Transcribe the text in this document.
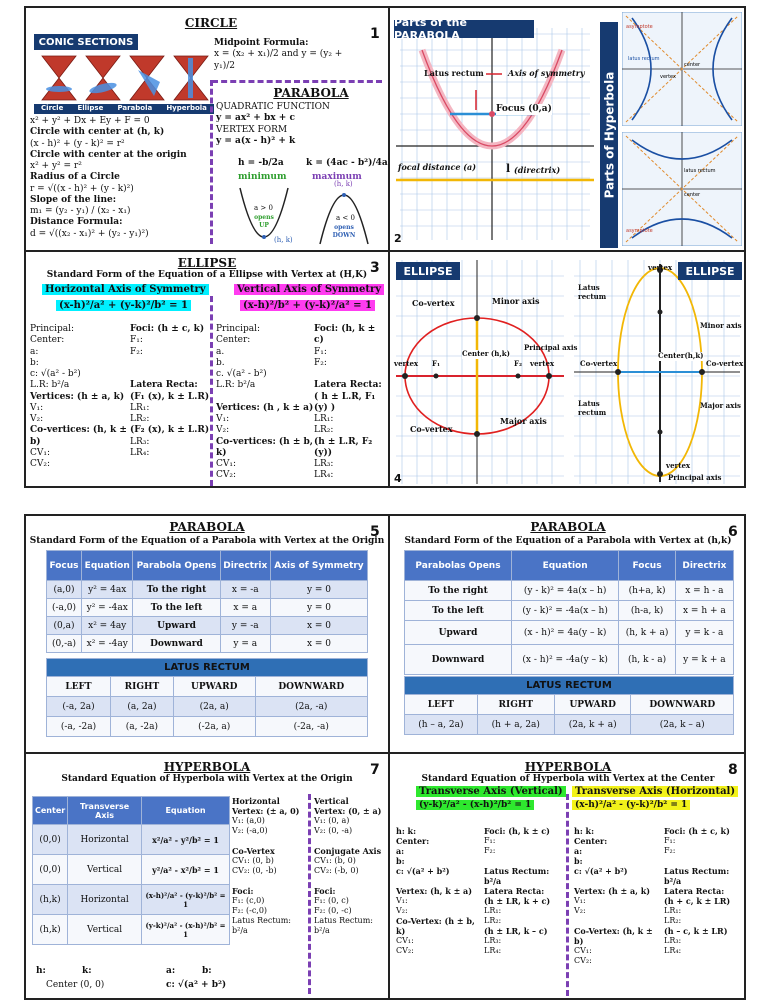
CIRCLE
1
CONIC SECTIONS
Circle Ellipse Parabola Hyperbola
x² + y² + Dx + Ey + F = 0
Circle with center at (h, k)
(x - h)² + (y - k)² = r²
Circle with center at the origin
x² + y² = r²
Radius of a Circle
r = √((x - h)² + (y - k)²)
Slope of the line:
m₁ = (y₂ - y₁) / (x₂ - x₁)
Distance Formula:
d = √((x₂ - x₁)² + (y₂ - y₁)²)
Midpoint Formula:
x = (x₂ + x₁)/2 and y = (y₂ + y₁)/2
PARABOLA
QUADRATIC FUNCTION
y = ax² + bx + c
VERTEX FORM
y = a(x - h)² + k
h = -b/2a k = (4ac - b²)/4a
minimum	maximum
a > 0
opens UP
(h, k)
(h, k)
a < 0
opens DOWN
Parts of the PARABOLA
Latus rectum	Axis of symmetry
Focus (0,a)
focal distance (a)	l (directrix)
2
Parts of Hyperbola
asymptote
latus rectum
vertex
center
latus rectum
center
asymptote
ELLIPSE	3
Standard Form of the Equation of a Ellipse with Vertex at (H,K)
Horizontal Axis of Symmetry	Vertical Axis of Symmetry
(x-h)²/a² + (y-k)²/b² = 1	(x-h)²/b² + (y-k)²/a² = 1
Principal:
Center:
a:
b:
c: √(a² - b²)
L.R: b²/a
Vertices: (h ± a, k)
V₁:
V₂:
Co-vertices: (h, k ± b)
CV₁:
CV₂:
Foci: (h ± c, k)
F₁:
F₂:

Latera Recta:
(F₁ (x), k ± L.R)
LR₁:
LR₂:
(F₂ (x), k ± L.R)
LR₃:
LR₄:
Principal:
Center:
a.
b.
c. √(a² - b²)
L.R: b²/a

Vertices: (h , k ± a)
V₁:
V₂:
Co-vertices: (h ± b, k)
CV₁:
CV₂:
Foci: (h, k ± c)
F₁:
F₂:

Latera Recta:
( h ± L.R, F₁ (y) )
LR₁:
LR₂:
(h ± L.R, F₂ (y))
LR₃:
LR₄:
ELLIPSE
Co-vertex	Minor axis
Center (h,k)
Principal axis
vertex F₁	F₂ vertex
Co-vertex
Major axis
4
ELLIPSE
vertex
Latus rectum
Minor axis
Center(h,k)
Co-vertex	Co-vertex
Latus rectum
Major axis
vertex
Principal axis
PARABOLA	5
Standard Form of the Equation of a Parabola with Vertex at the Origin
Focus	Equation	Parabola Opens	Directrix	Axis of Symmetry
(a,0)	y² = 4ax	To the right	x = -a	y = 0
(-a,0)	y² = -4ax	To the left	x = a	y = 0
(0,a)	x² = 4ay	Upward	y = -a	x = 0
(0,-a)	x² = -4ay	Downward	y = a	x = 0
LATUS RECTUM			
LEFT	RIGHT	UPWARD	DOWNWARD
(-a, 2a)	(a, 2a)	(2a, a)	(2a, -a)
(-a, -2a)	(a, -2a)	(-2a, a)	(-2a, -a)
PARABOLA	6
Standard Form of the Equation of a Parabola with Vertex at (h,k)
Parabolas Opens	Equation	Focus	Directrix
To the right	(y - k)² = 4a(x – h)	(h+a, k)	x = h - a
To the left	(y - k)² = -4a(x – h)	(h-a, k)	x = h + a
Upward	(x - h)² = 4a(y – k)	(h, k + a)	y = k - a
Downward	(x - h)² = -4a(y – k)	(h, k - a)	y = k + a
LATUS RECTUM			
LEFT	RIGHT	UPWARD	DOWNWARD
(h – a, 2a)	(h + a, 2a)	(2a, k + a)	(2a, k – a)
HYPERBOLA	7
Standard Equation of Hyperbola with Vertex at the Origin
Center	Transverse Axis	Equation
(0,0)	Horizontal	x²/a² - y²/b² = 1
(0,0)	Vertical	y²/a² - x²/b² = 1
(h,k)	Horizontal	(x-h)²/a² - (y-k)²/b² = 1
(h,k)	Vertical	(y-k)²/a² - (x-h)²/b² = 1
h:	k:	a:	b:
Center (0, 0)	c: √(a² + b²)
Horizontal
Vertex: (± a, 0)
V₁: (a,0)
V₂: (-a,0)

Co-Vertex
CV₁: (0, b)
CV₂: (0, -b)

Foci:
F₁: (c,0)
F₂: (-c,0)
Latus Rectum: b²/a
Vertical
Vertex: (0, ± a)
V₁: (0, a)
V₂: (0, -a)

Conjugate Axis
CV₁: (b, 0)
CV₂: (-b, 0)

Foci:
F₁: (0, c)
F₂: (0, -c)
Latus Rectum: b²/a
HYPERBOLA	8
Standard Equation of Hyperbola with Vertex at the Center
Transverse Axis (Vertical)	Transverse Axis (Horizontal)
(y-k)²/a² - (x-h)²/b² = 1	(x-h)²/a² - (y-k)²/b² = 1
h: k:
Center:
a:
b:
c: √(a² + b²)

Vertex: (h, k ± a)
V₁:
V₂:
Co-Vertex: (h ± b, k)
CV₁:
CV₂:
Foci: (h, k ± c)
F₁:
F₂:

Latus Rectum: b²/a
Latera Recta:
(h ± LR, k + c)
LR₁:
LR₂:
(h ± LR, k – c)
LR₃:
LR₄:
h: k:
Center:
a:
b:
c: √(a² + b²)

Vertex: (h ± a, k)
V₁:
V₂:

Co-Vertex: (h, k ± b)
CV₁:
CV₂:
Foci: (h ± c, k)
F₁:
F₂:

Latus Rectum: b²/a
Latera Recta:
(h + c, k ± LR)
LR₁:
LR₂:
(h – c, k ± LR)
LR₃:
LR₄:
